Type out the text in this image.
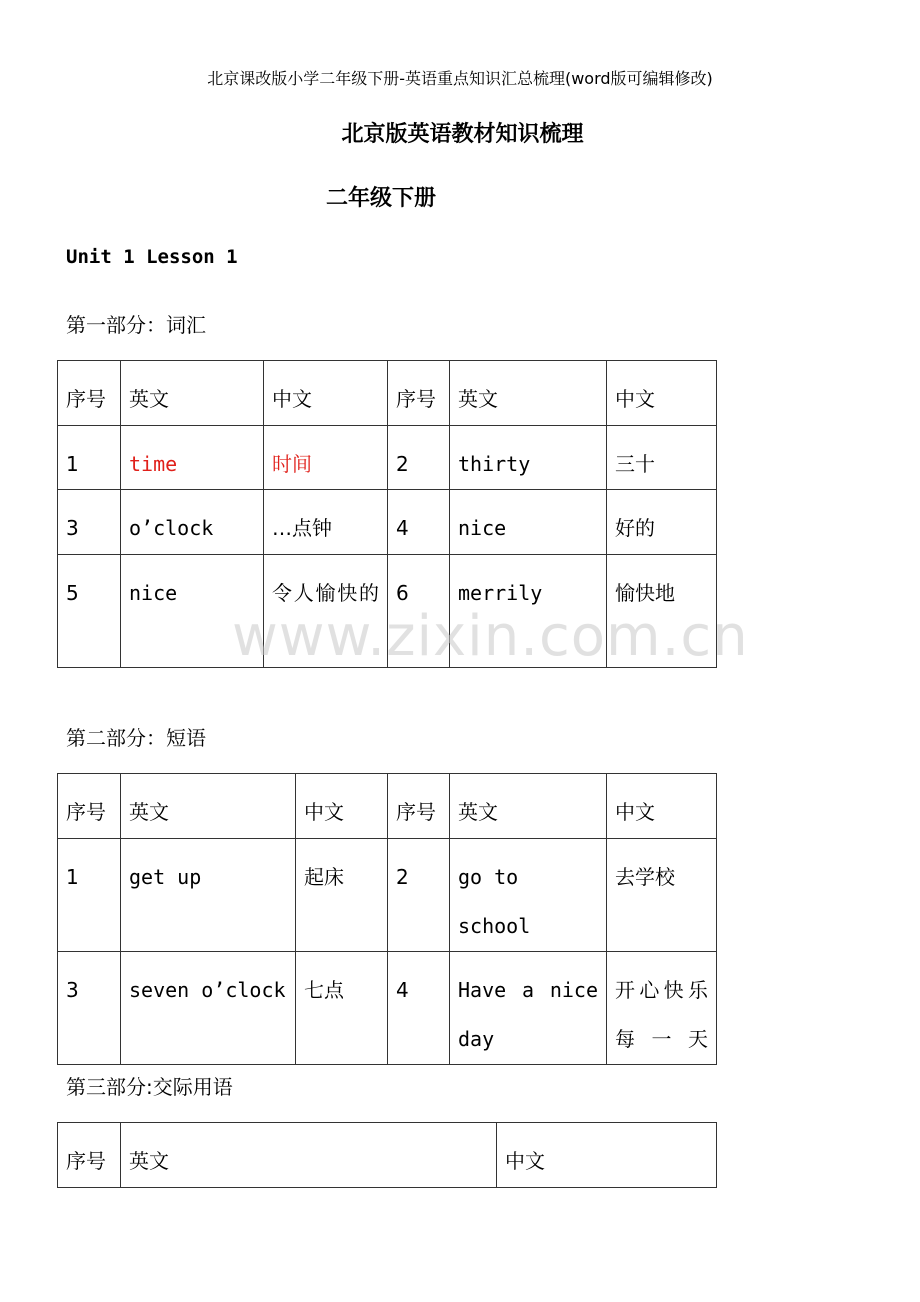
北京课改版小学二年级下册-英语重点知识汇总梳理(word版可编辑修改)
北京版英语教材知识梳理
二年级下册
Unit 1 Lesson 1
第一部分：词汇
序号	英文	中文	序号	英文	中文
1	time	时间	2	thirty	三十
3	o’clock	…点钟	4	nice	好的
5	nice	令人愉快的	6	merrily	愉快地
第二部分：短语
序号	英文	中文	序号	英文	中文
1	get up	起床	2	go to school	去学校
3	seven o’clock	七点	4	Have a nice day	开心快乐每一天
第三部分:交际用语
序号	英文	中文
www.zixin.com.cn
